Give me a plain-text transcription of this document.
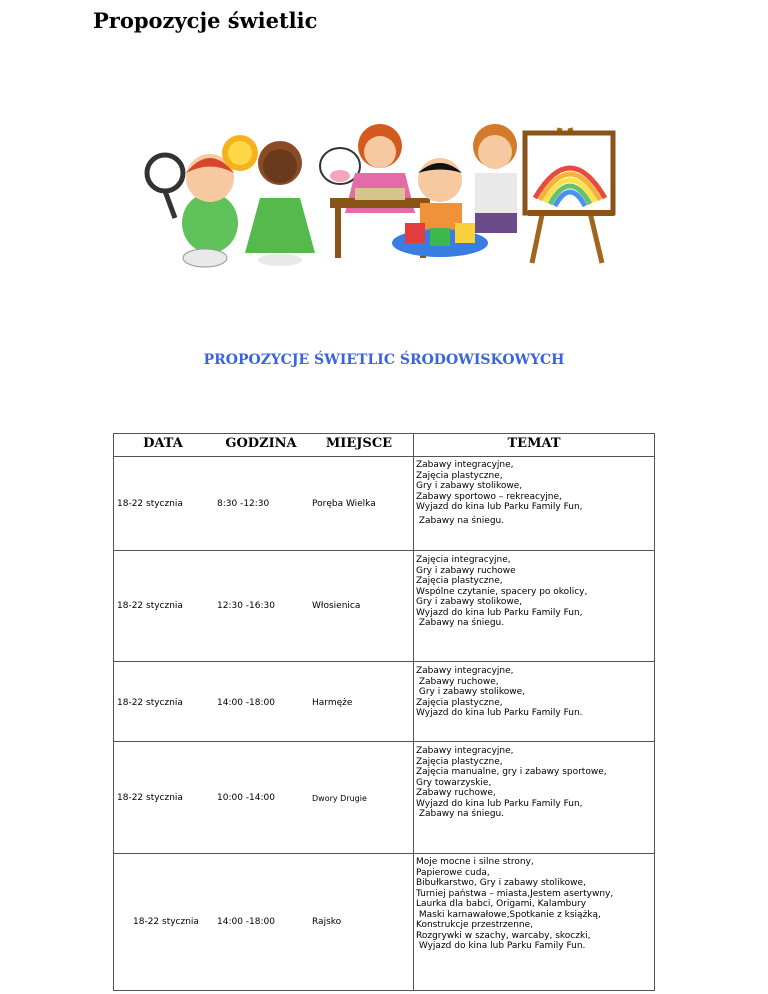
Propozycje świetlic
PROPOZYCJE ŚWIETLIC ŚRODOWISKOWYCH
DATA	GODZINA	MIEJSCE	TEMAT
18-22 stycznia	8:30 -12:30	Poręba Wielka
Zabawy integracyjne,
Zajęcia plastyczne,
Gry i zabawy stolikowe,
Zabawy sportowo – rekreacyjne,
Wyjazd do kina lub Parku Family Fun,
Zabawy na śniegu.
18-22 stycznia	12:30 -16:30	Włosienica
Zajęcia integracyjne,
Gry i zabawy ruchowe
Zajęcia plastyczne,
Wspólne czytanie, spacery po okolicy,
Gry i zabawy stolikowe,
Wyjazd do kina lub Parku Family Fun,
Zabawy na śniegu.
18-22 stycznia	14:00 -18:00	Harmęże
Zabawy integracyjne,
Zabawy ruchowe,
Gry i zabawy stolikowe,
Zajęcia plastyczne,
Wyjazd do kina lub Parku Family Fun.
18-22 stycznia	10:00 -14:00	Dwory Drugie
Zabawy integracyjne,
Zajęcia plastyczne,
Zajęcia manualne, gry i zabawy sportowe,
Gry towarzyskie,
Zabawy ruchowe,
Wyjazd do kina lub Parku Family Fun,
Zabawy na śniegu.
18-22 stycznia 14:00 -18:00	Rajsko
Moje mocne i silne strony,
Papierowe cuda,
Bibułkarstwo, Gry i zabawy stolikowe,
Turniej państwa – miasta,Jestem asertywny,
Laurka dla babci, Origami, Kalambury
Maski karnawałowe,Spotkanie z książką,
Konstrukcje przestrzenne,
Rozgrywki w szachy, warcaby, skoczki,
Wyjazd do kina lub Parku Family Fun.
